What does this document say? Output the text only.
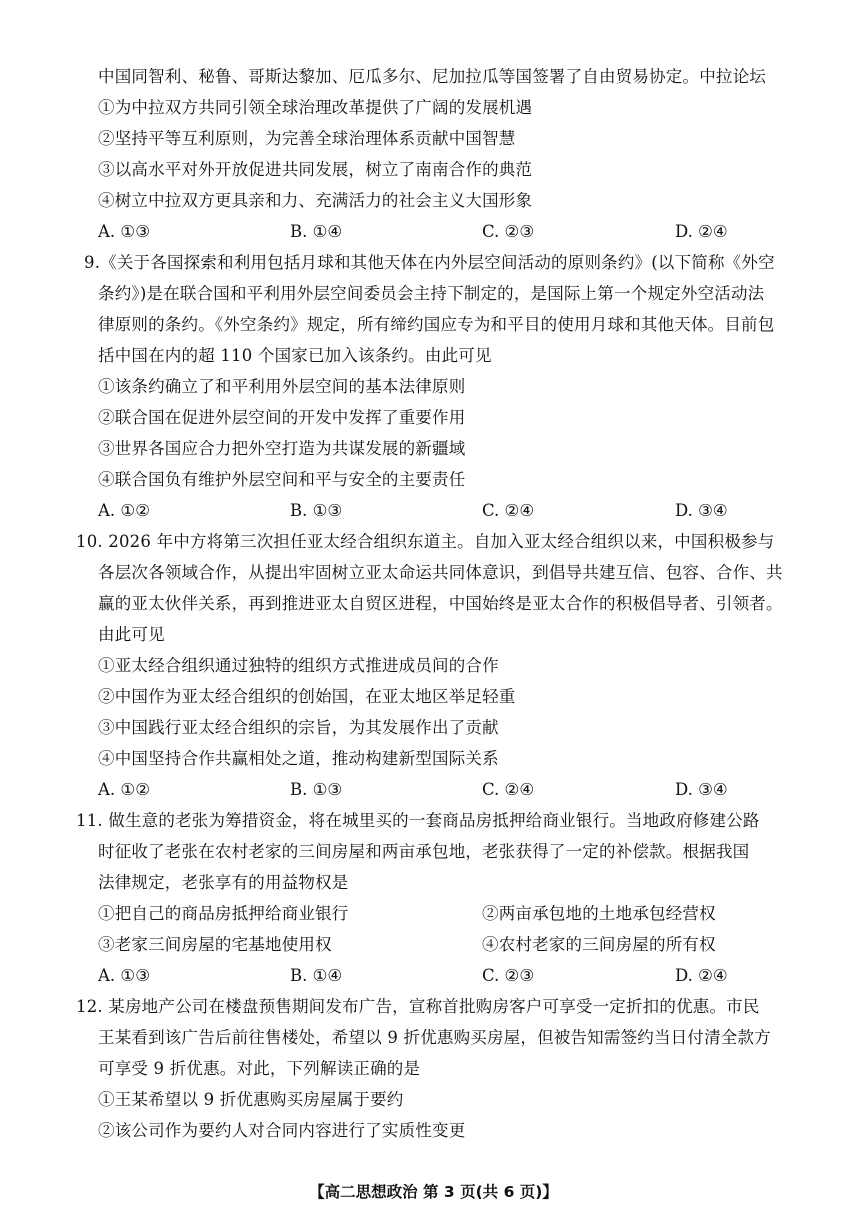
中国同智利、秘鲁、哥斯达黎加、厄瓜多尔、尼加拉瓜等国签署了自由贸易协定。中拉论坛
①为中拉双方共同引领全球治理改革提供了广阔的发展机遇
②坚持平等互利原则，为完善全球治理体系贡献中国智慧
③以高水平对外开放促进共同发展，树立了南南合作的典范
④树立中拉双方更具亲和力、充满活力的社会主义大国形象
A. ①③	B. ①④	C. ②③	D. ②④
9.《关于各国探索和利用包括月球和其他天体在内外层空间活动的原则条约》(以下简称《外空
条约》)是在联合国和平利用外层空间委员会主持下制定的，是国际上第一个规定外空活动法
律原则的条约。《外空条约》规定，所有缔约国应专为和平目的使用月球和其他天体。目前包
括中国在内的超 110 个国家已加入该条约。由此可见
①该条约确立了和平利用外层空间的基本法律原则
②联合国在促进外层空间的开发中发挥了重要作用
③世界各国应合力把外空打造为共谋发展的新疆域
④联合国负有维护外层空间和平与安全的主要责任
A. ①②	B. ①③	C. ②④	D. ③④
10. 2026 年中方将第三次担任亚太经合组织东道主。自加入亚太经合组织以来，中国积极参与
各层次各领域合作，从提出牢固树立亚太命运共同体意识，到倡导共建互信、包容、合作、共
赢的亚太伙伴关系，再到推进亚太自贸区进程，中国始终是亚太合作的积极倡导者、引领者。
由此可见
①亚太经合组织通过独特的组织方式推进成员间的合作
②中国作为亚太经合组织的创始国，在亚太地区举足轻重
③中国践行亚太经合组织的宗旨，为其发展作出了贡献
④中国坚持合作共赢相处之道，推动构建新型国际关系
A. ①②	B. ①③	C. ②④	D. ③④
11. 做生意的老张为筹措资金，将在城里买的一套商品房抵押给商业银行。当地政府修建公路
时征收了老张在农村老家的三间房屋和两亩承包地，老张获得了一定的补偿款。根据我国
法律规定，老张享有的用益物权是
①把自己的商品房抵押给商业银行	②两亩承包地的土地承包经营权
③老家三间房屋的宅基地使用权	④农村老家的三间房屋的所有权
A. ①③	B. ①④	C. ②③	D. ②④
12. 某房地产公司在楼盘预售期间发布广告，宣称首批购房客户可享受一定折扣的优惠。市民
王某看到该广告后前往售楼处，希望以 9 折优惠购买房屋，但被告知需签约当日付清全款方
可享受 9 折优惠。对此，下列解读正确的是
①王某希望以 9 折优惠购买房屋属于要约
②该公司作为要约人对合同内容进行了实质性变更
【高二思想政治 第 3 页(共 6 页)】
